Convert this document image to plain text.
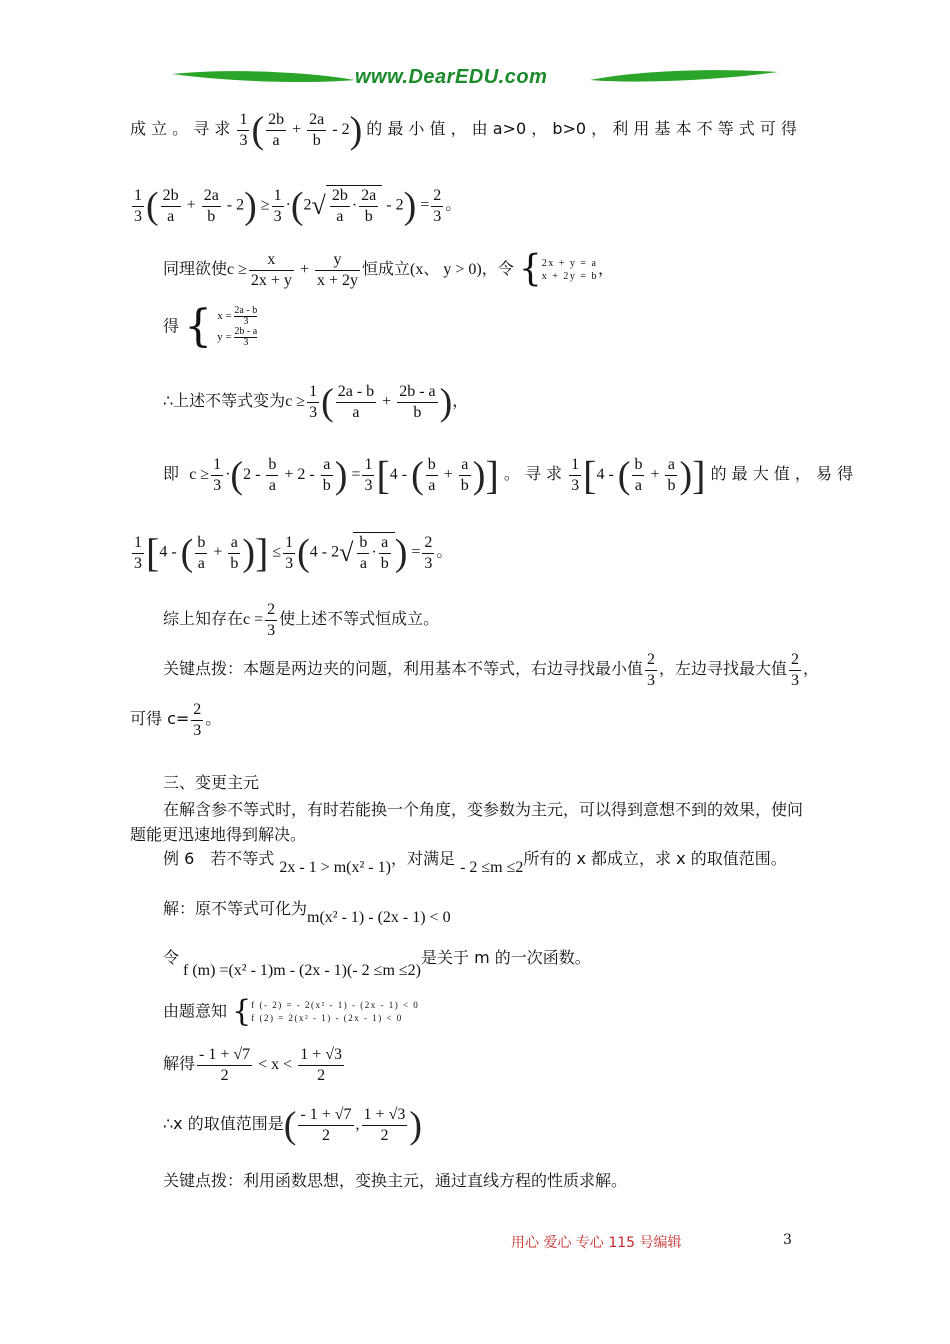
www.DearEDU.com
成 立 。 寻 求 $\frac{1}{3}$ ( $\frac{2b}{a} + \frac{2a}{b} - 2$) 的 最 小 值 ， 由 a>0 ， b>0 ， 利 用 基 本 不 等 式 可 得
$\frac{1}{3}$ ( $\frac{2b}{a} + \frac{2a}{b} - 2) \ge \frac{1}{3} \cdot(2√ \frac{2b}{a} \cdot \frac{2a}{b} - 2) = \frac{2}{3}$ 。
同理欲使$c \ge \frac{x}{2x + y} + \frac{y}{x + 2y}$ 恒成立(x、 y > 0)，令 { 2x + y = a
x + 2y = b ，
得 { $x = \frac{2a - b}{3}$
$y = \frac{2b - a}{3}$
∴上述不等式变为$c \ge \frac{1}{3}$ ( $\frac{2a - b}{a} + \frac{2b - a}{b}$ )，
即 $c \ge \frac{1}{3} \cdot(2 - \frac{b}{a} + 2 - \frac{a}{b}$ ) = $\frac{1}{3} [4$ - ( $\frac{b}{a} + \frac{a}{b}$ )] 。 寻 求 $\frac{1}{3} [4$ - ( $\frac{b}{a} + \frac{a}{b}$ )] 的 最 大 值 ， 易 得
$\frac{1}{3} [4$ - ( $\frac{b}{a} + \frac{a}{b}$ )] ≤ $\frac{1}{3} (4 - 2√ \frac{b}{a} \cdot \frac{a}{b}$ ) = $\frac{2}{3}$ 。
综上知存在$c = \frac{2}{3}$ 使上述不等式恒成立。
关键点拨：本题是两边夹的问题，利用基本不等式，右边寻找最小值 $\frac{2}{3}$ ，左边寻找最大值 $\frac{2}{3}$ ，
可得 $c= \frac{2}{3}$ 。
三、变更主元
在解含参不等式时，有时若能换一个角度，变参数为主元，可以得到意想不到的效果，使问
题能更迅速地得到解决。
例 6　若不等式 2x - 1 > m(x² - 1)，对满足 - 2 ≤m ≤2所有的 x 都成立，求 x 的取值范围。
解：原不等式可化为m(x² - 1) - (2x - 1) < 0
令f (m) =(x² - 1)m - (2x - 1)(- 2 ≤m ≤2)是关于 m 的一次函数。
由题意知 { f (- 2) = - 2(x² - 1) - (2x - 1) < 0
f (2) = 2(x² - 1) - (2x - 1) < 0
解得 $\frac{- 1 + √7}{2} < x < \frac{1 + √3}{2}$
∴x 的取值范围是( $\frac{- 1 + √7}{2}$ , $\frac{1 + √3}{2}$ )
关键点拨：利用函数思想，变换主元，通过直线方程的性质求解。
用心 爱心 专心 115 号编辑	3
